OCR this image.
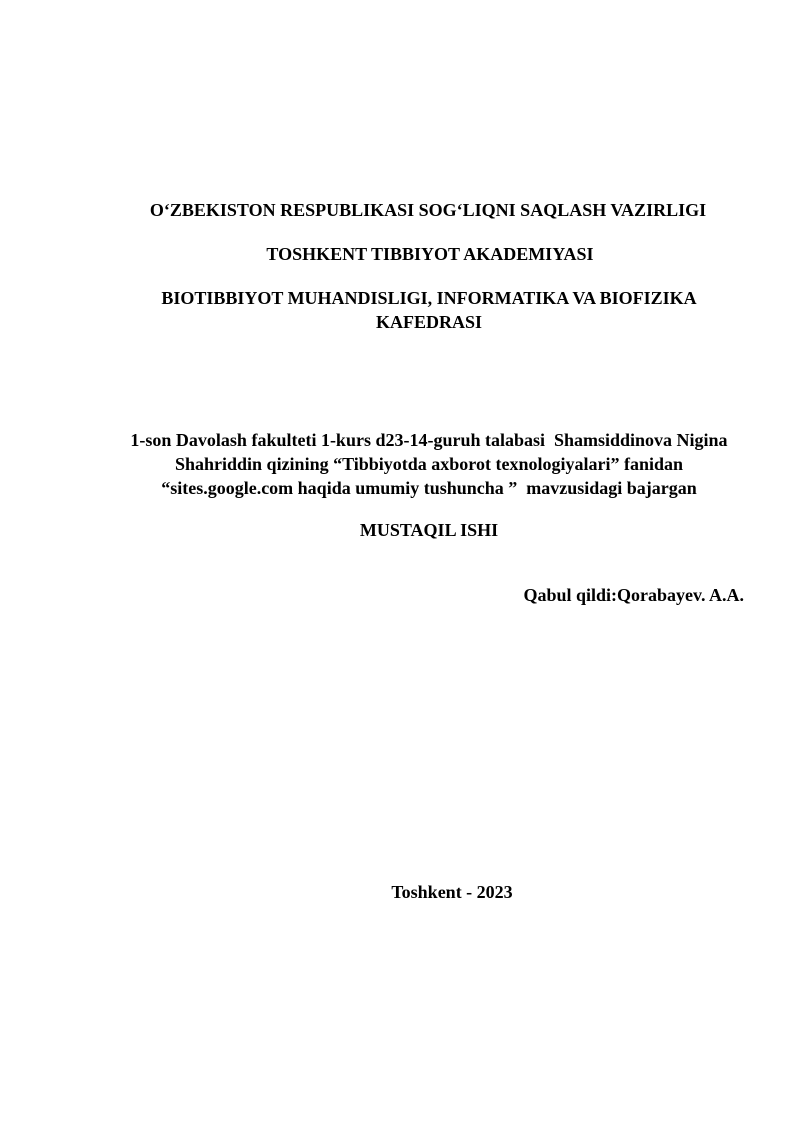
O‘ZBEKISTON RESPUBLIKASI SOG‘LIQNI SAQLASH VAZIRLIGI
TOSHKENT TIBBIYOT AKADEMIYASI
BIOTIBBIYOT MUHANDISLIGI, INFORMATIKA VA BIOFIZIKA
KAFEDRASI
1-son Davolash fakulteti 1-kurs d23-14-guruh talabasi  Shamsiddinova Nigina
Shahriddin qizining “Tibbiyotda axborot texnologiyalari” fanidan
“sites.google.com haqida umumiy tushuncha ”  mavzusidagi bajargan
MUSTAQIL ISHI
Qabul qildi:Qorabayev. A.A.
Toshkent - 2023
